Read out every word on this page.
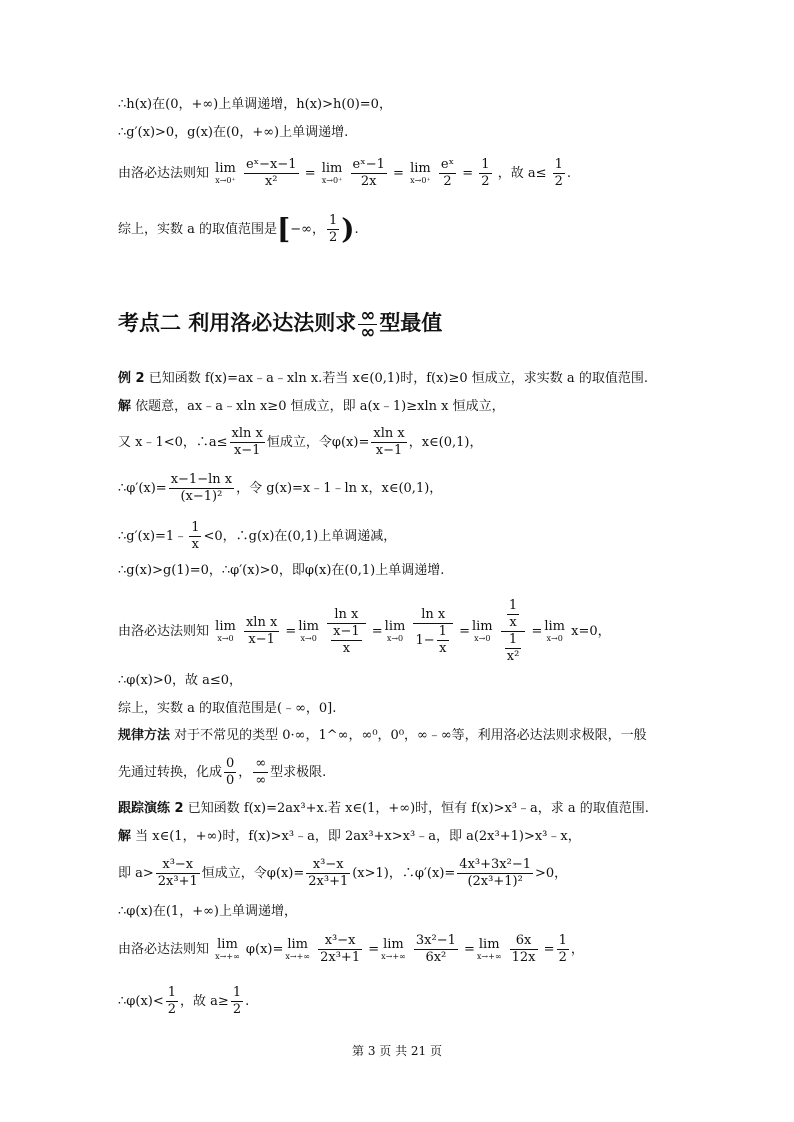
∴h(x)在(0，+∞)上单调递增，h(x)>h(0)=0，
∴g′(x)>0，g(x)在(0，+∞)上单调递增.
由洛必达法则知 lim
x→0⁺
$\frac{\text{eˣ−x−1}}{\text{x²}} = \lim$
x→0⁺
$\frac{\text{eˣ−1}}{2x} = \lim$
x→0⁺
$\frac{\text{eˣ}}{2} = \frac{1}{2}$ ，故 $a\le \frac{1}{2}$ .
综上，实数 a 的取值范围是[−∞， $\frac{1}{2}$ ).
考点二 利用洛必达法则求 $\frac{\infty}{\infty}$ 型最值
例 2 已知函数 f(x)=ax﹣a﹣xln x.若当 x∈(0,1)时，f(x)≥0 恒成立，求实数 a 的取值范围.
解 依题意，ax﹣a﹣xln x≥0 恒成立，即 a(x﹣1)≥xln x 恒成立，
又 x﹣1<0，∴a≤ $\frac{\text{xln x}}{x-1}$ 恒成立，令$\varphi(x)= \frac{\text{xln x}}{x-1}$ ，x∈(0,1)，
∴φ′(x)= $\frac{\text{x−1−ln x}}{\text{(x−1)²}}$ ，令 g(x)=x﹣1﹣ln x，x∈(0,1)，
∴g′(x)=1﹣ $\frac{1}{x} <0$，∴g(x)在(0,1)上单调递减，
∴g(x)>g(1)=0，∴φ′(x)>0，即φ(x)在(0,1)上单调递增.
由洛必达法则知 lim
x→0
$\frac{\text{xln x}}{x-1} = \lim$
x→0
$\frac{\text{ln x}}{\frac{x-1}{x}} = \lim$
x→0
$\frac{\text{ln x}}{1- \frac{1}{x}} = \lim$
x→0
$\frac{\frac{1}{x}}{\frac{1}{\text{x²}}} = \lim$
x→0 x=0，
∴φ(x)>0，故 a≤0，
综上，实数 a 的取值范围是(﹣∞，0].
规律方法 对于不常见的类型 0·∞，1^∞，∞⁰，0⁰，∞﹣∞等，利用洛必达法则求极限，一般
先通过转换，化成 $\frac{0}{0}$ ， $\frac{\infty}{\infty}$ 型求极限.
跟踪演练 2 已知函数 f(x)=2ax³+x.若 x∈(1，+∞)时，恒有 f(x)>x³﹣a，求 a 的取值范围.
解 当 x∈(1，+∞)时，f(x)>x³﹣a，即 2ax³+x>x³﹣a，即 a(2x³+1)>x³﹣x，
即 $a> \frac{\text{x³−x}}{\text{2x³+1}}$ 恒成立，令$\varphi(x)= \frac{\text{x³−x}}{\text{2x³+1}} (x>1)$，∴φ′(x)= $\frac{\text{4x³+3x²−1}}{\text{(2x³+1)²}} >0$，
∴φ(x)在(1，+∞)上单调递增，
由洛必达法则知 lim
x→+∞ φ(x)= lim
x→+∞
$\frac{\text{x³−x}}{\text{2x³+1}} = \lim$
x→+∞
$\frac{\text{3x²−1}}{\text{6x²}} = \lim$
x→+∞
$\frac{6x}{12x} = \frac{1}{2}$ ，
∴φ(x)< $\frac{1}{2}$ ，故 $a\ge \frac{1}{2}$ .
第 3 页 共 21 页
